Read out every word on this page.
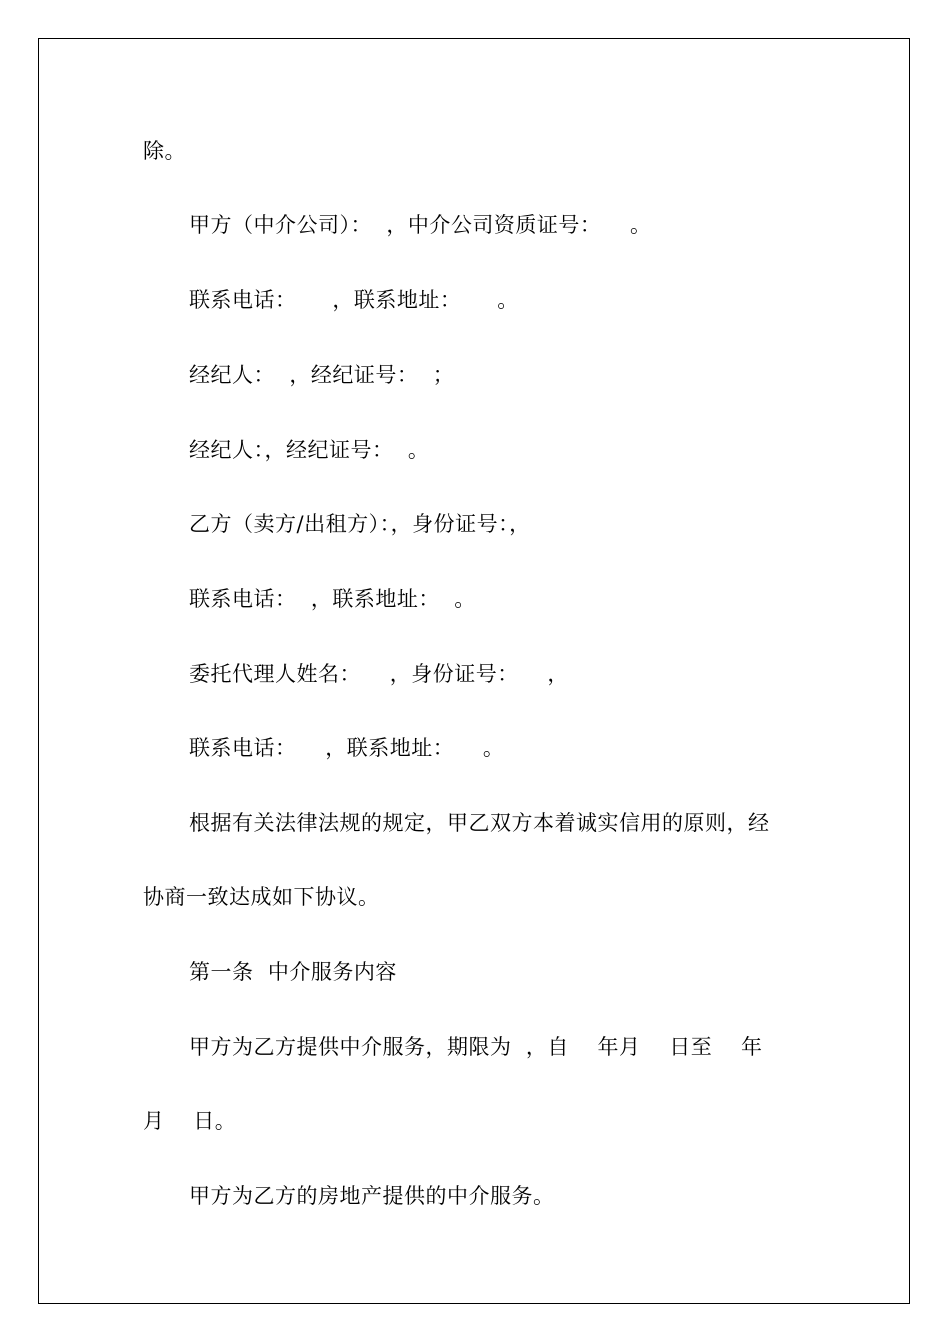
除。
甲方（中介公司）：  ，中介公司资质证号：    。
联系电话：     ，联系地址：     。
经纪人：  ，经纪证号：  ；
经纪人：，经纪证号：  。
乙方（卖方/出租方）：，身份证号：，
联系电话：  ，联系地址：  。
委托代理人姓名：    ，身份证号：    ，
联系电话：    ，联系地址：    。
根据有关法律法规的规定，甲乙双方本着诚实信用的原则，经
协商一致达成如下协议。
第一条  中介服务内容
甲方为乙方提供中介服务，期限为  ，自    年月    日至    年
月    日。
甲方为乙方的房地产提供的中介服务。
